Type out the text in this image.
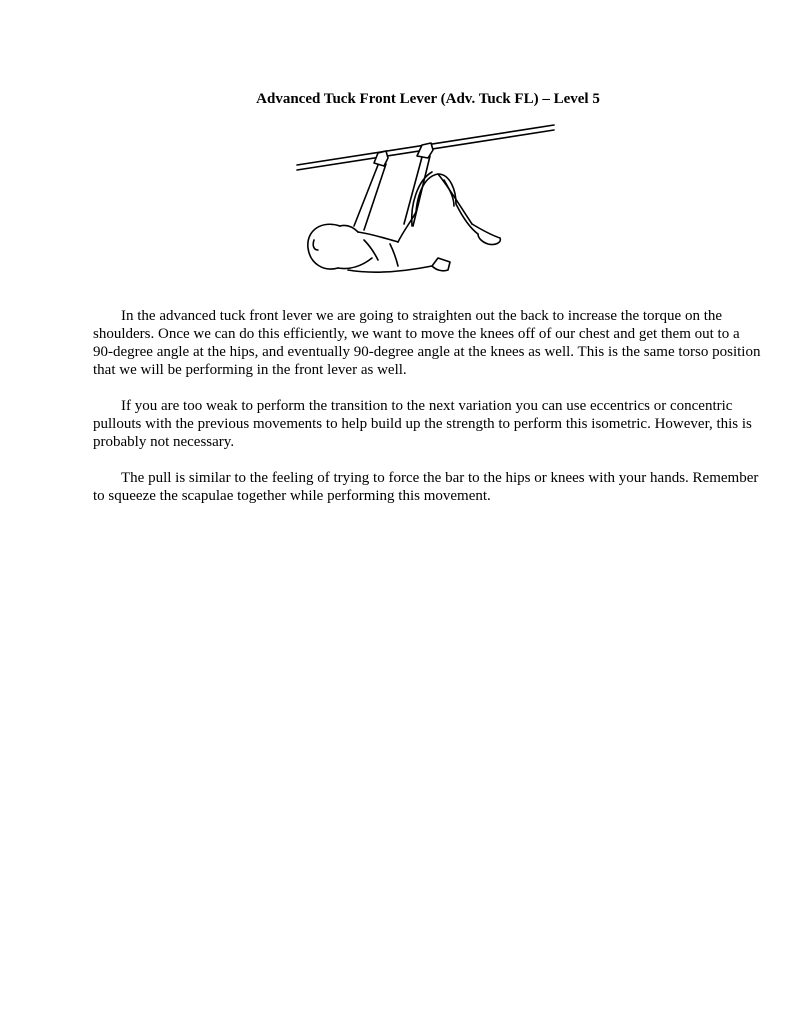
Advanced Tuck Front Lever (Adv. Tuck FL) – Level 5

In the advanced tuck front lever we are going to straighten out the back to increase the torque on the shoulders. Once we can do this efficiently, we want to move the knees off of our chest and get them out to a 90-degree angle at the hips, and eventually 90-degree angle at the knees as well. This is the same torso position that we will be performing in the front lever as well.

If you are too weak to perform the transition to the next variation you can use eccentrics or concentric pullouts with the previous movements to help build up the strength to perform this isometric. However, this is probably not necessary.

The pull is similar to the feeling of trying to force the bar to the hips or knees with your hands. Remember to squeeze the scapulae together while performing this movement.
